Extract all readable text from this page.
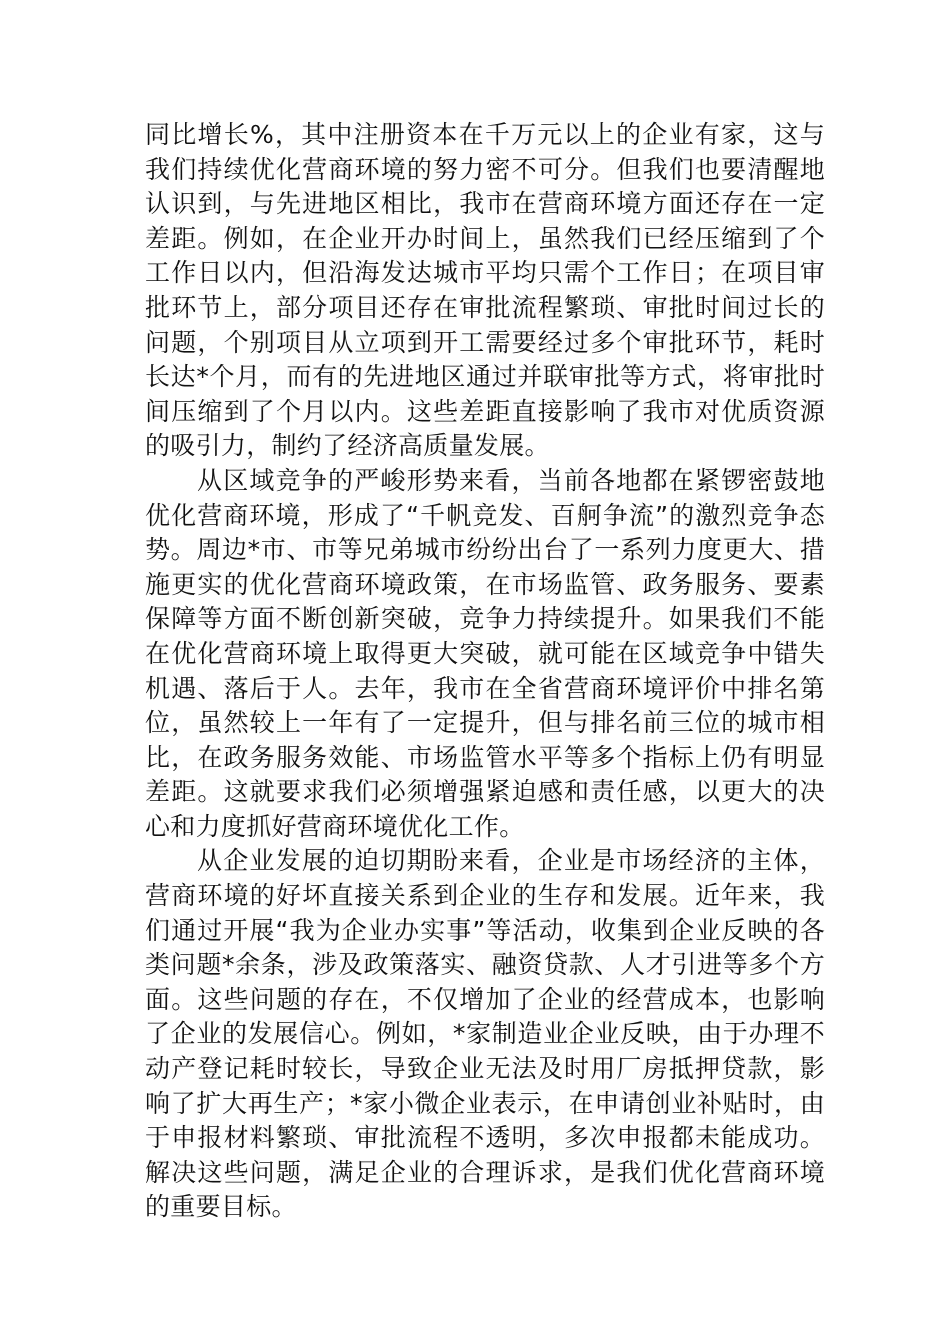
同比增长%，其中注册资本在千万元以上的企业有家，这与我们持续优化营商环境的努力密不可分。但我们也要清醒地认识到，与先进地区相比，我市在营商环境方面还存在一定差距。例如，在企业开办时间上，虽然我们已经压缩到了个工作日以内，但沿海发达城市平均只需个工作日；在项目审批环节上，部分项目还存在审批流程繁琐、审批时间过长的问题，个别项目从立项到开工需要经过多个审批环节，耗时长达*个月，而有的先进地区通过并联审批等方式，将审批时间压缩到了个月以内。这些差距直接影响了我市对优质资源的吸引力，制约了经济高质量发展。

从区域竞争的严峻形势来看，当前各地都在紧锣密鼓地优化营商环境，形成了“千帆竞发、百舸争流”的激烈竞争态势。周边*市、市等兄弟城市纷纷出台了一系列力度更大、措施更实的优化营商环境政策，在市场监管、政务服务、要素保障等方面不断创新突破，竞争力持续提升。如果我们不能在优化营商环境上取得更大突破，就可能在区域竞争中错失机遇、落后于人。去年，我市在全省营商环境评价中排名第位，虽然较上一年有了一定提升，但与排名前三位的城市相比，在政务服务效能、市场监管水平等多个指标上仍有明显差距。这就要求我们必须增强紧迫感和责任感，以更大的决心和力度抓好营商环境优化工作。

从企业发展的迫切期盼来看，企业是市场经济的主体，营商环境的好坏直接关系到企业的生存和发展。近年来，我们通过开展“我为企业办实事”等活动，收集到企业反映的各类问题*余条，涉及政策落实、融资贷款、人才引进等多个方面。这些问题的存在，不仅增加了企业的经营成本，也影响了企业的发展信心。例如，*家制造业企业反映，由于办理不动产登记耗时较长，导致企业无法及时用厂房抵押贷款，影响了扩大再生产；*家小微企业表示，在申请创业补贴时，由于申报材料繁琐、审批流程不透明，多次申报都未能成功。解决这些问题，满足企业的合理诉求，是我们优化营商环境的重要目标。
